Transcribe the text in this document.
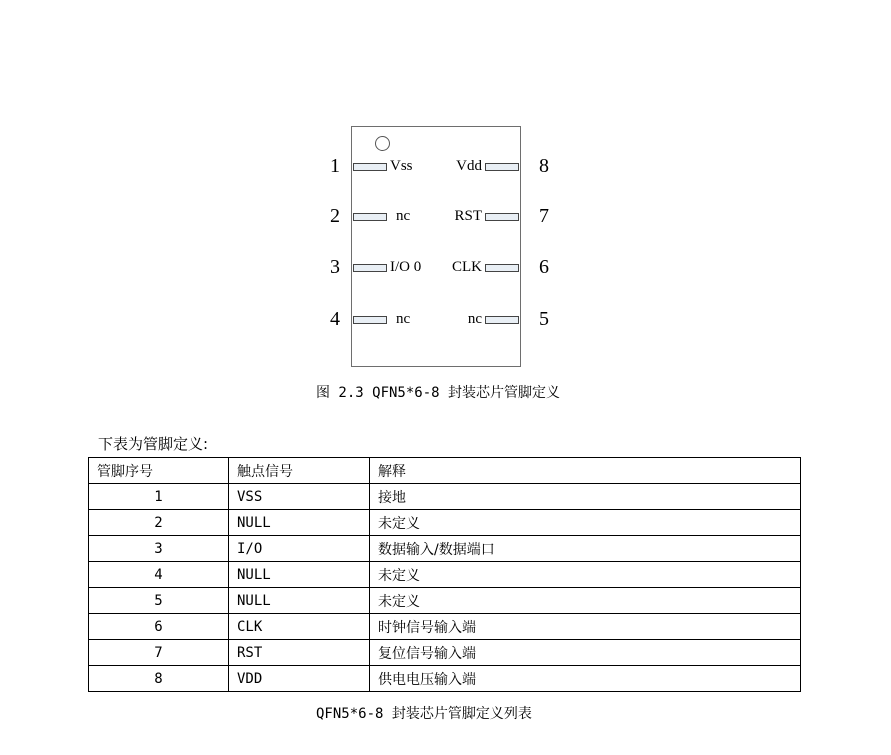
Vss
nc
I/O 0
nc
Vdd
RST
CLK
nc
1
2
3
4
8
7
6
5
图 2.3 QFN5*6-8 封装芯片管脚定义
下表为管脚定义:
管脚序号	触点信号	解释
1	VSS	接地
2	NULL	未定义
3	I/O	数据输入/数据端口
4	NULL	未定义
5	NULL	未定义
6	CLK	时钟信号输入端
7	RST	复位信号输入端
8	VDD	供电电压输入端
QFN5*6-8 封装芯片管脚定义列表
